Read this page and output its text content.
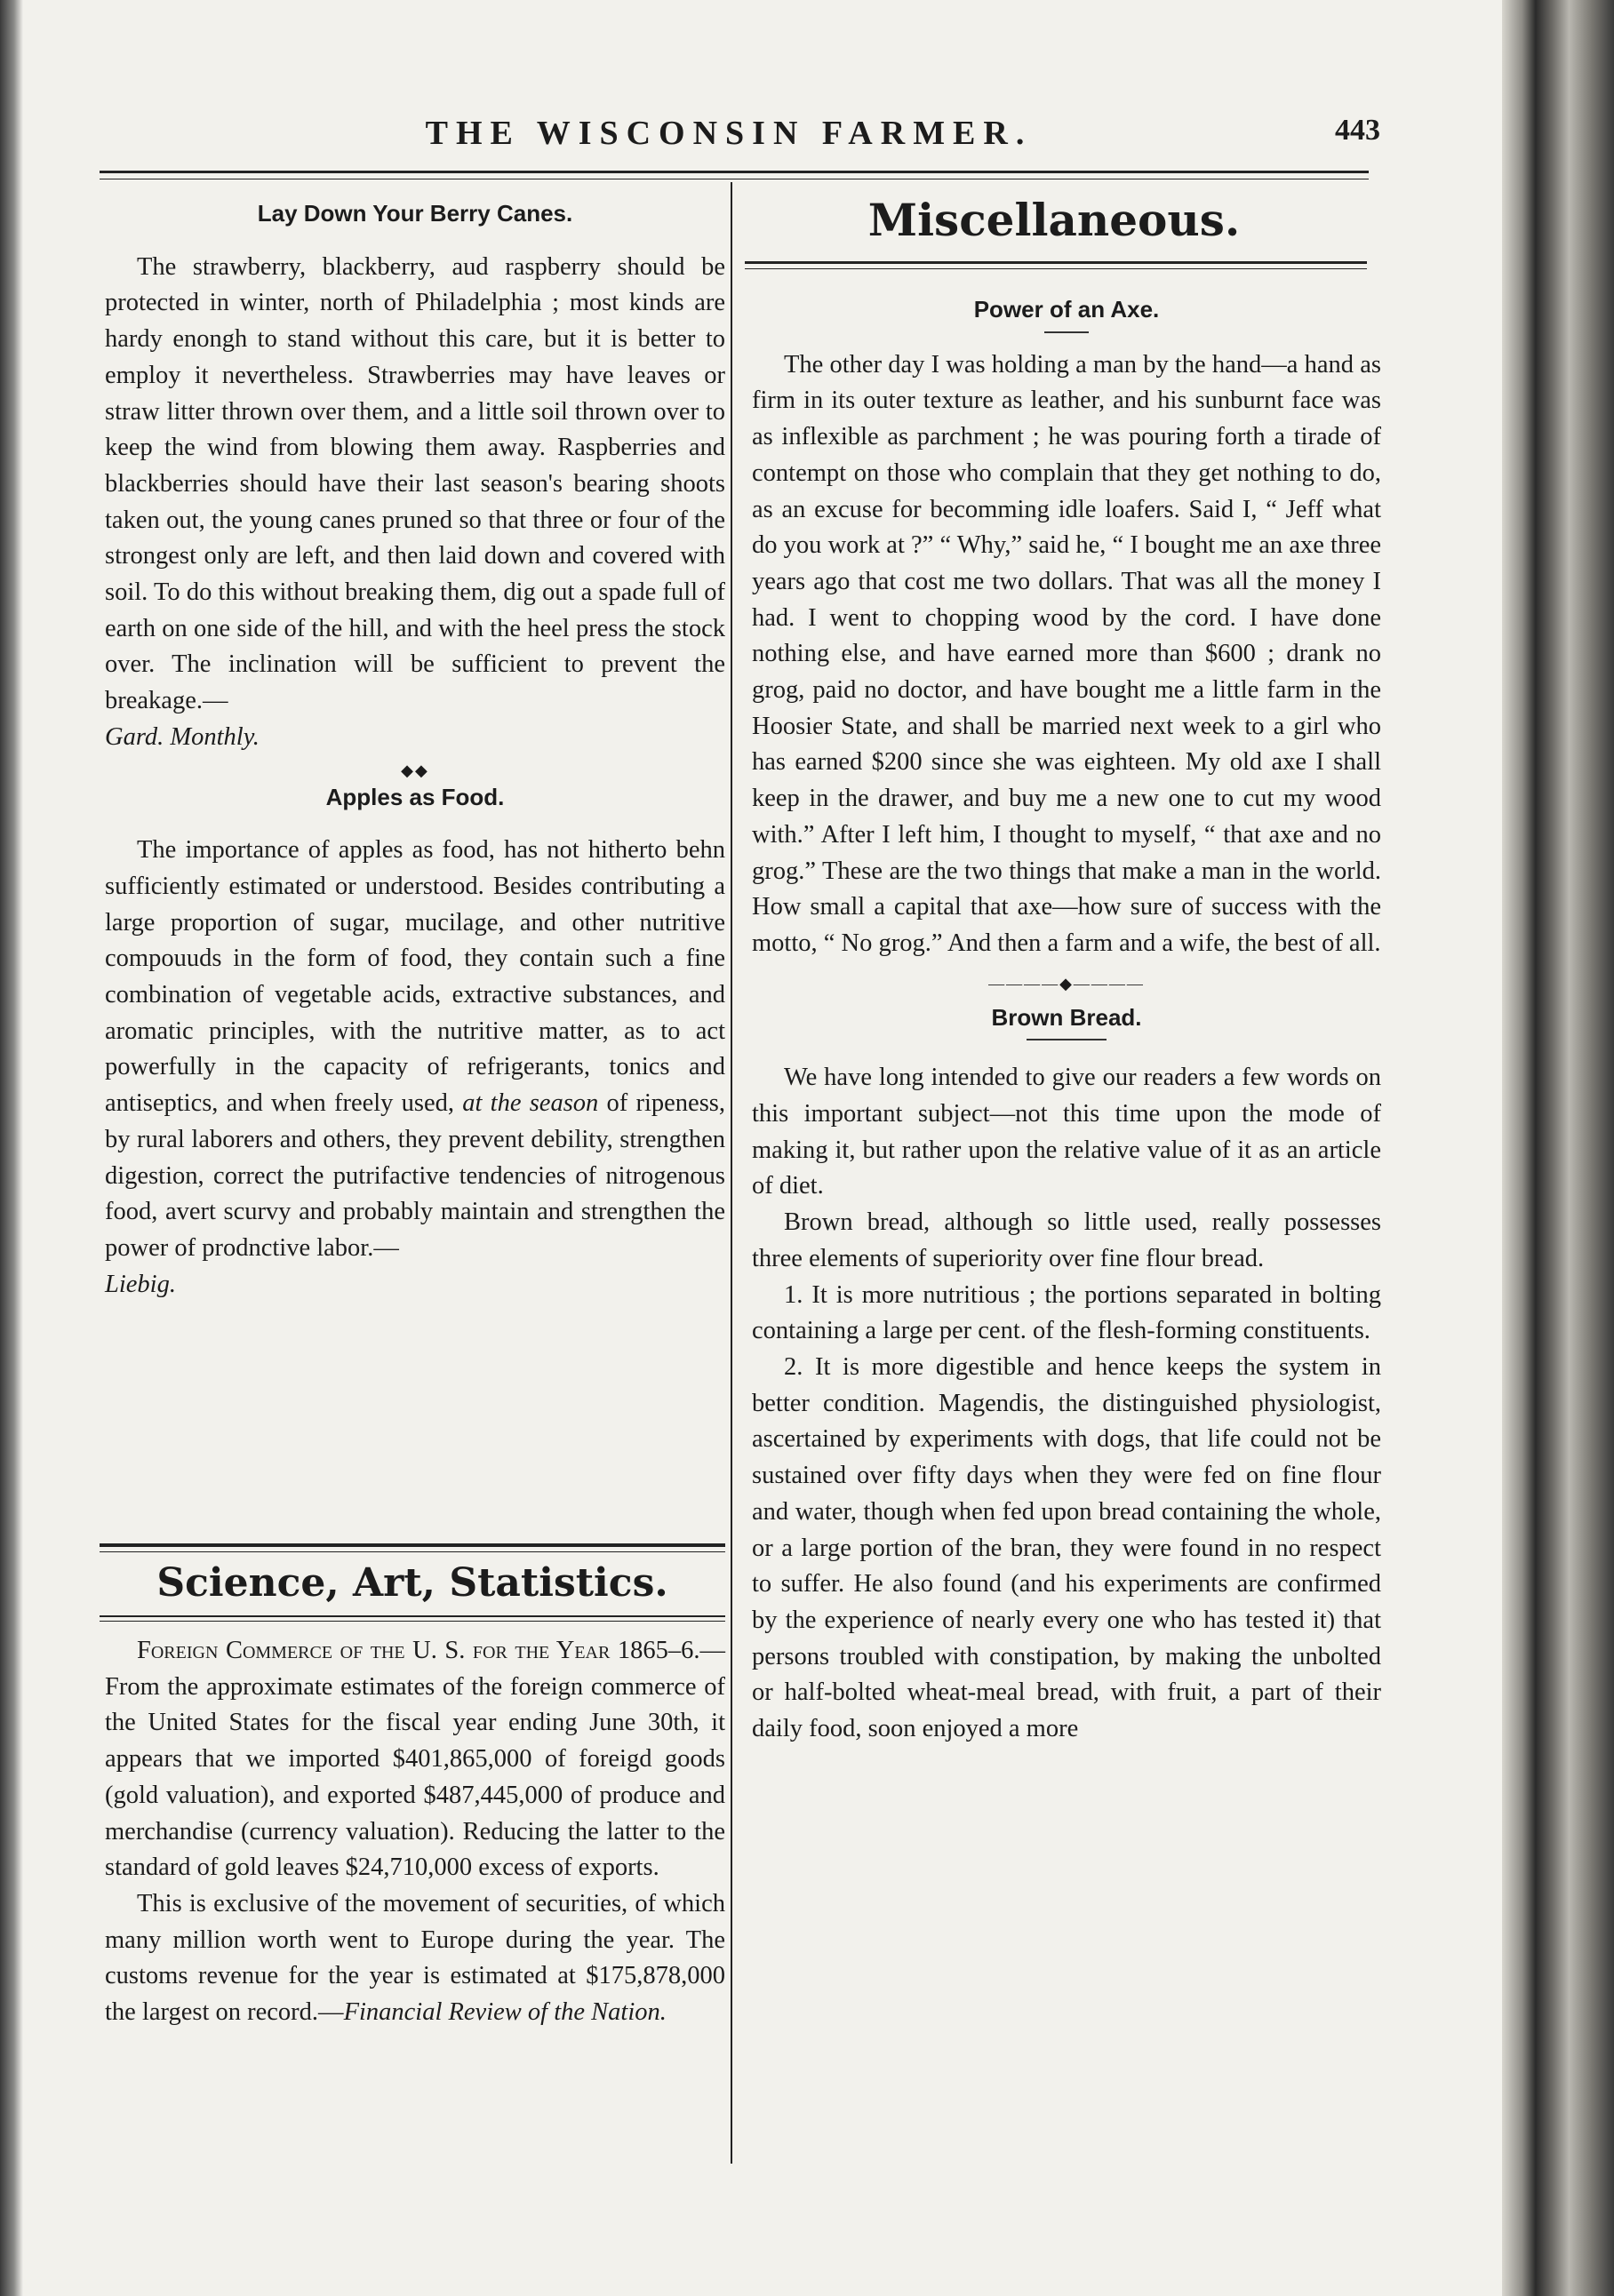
THE WISCONSIN FARMER.	443
Lay Down Your Berry Canes.

The strawberry, blackberry, aud raspberry should be protected in winter, north of Philadelphia ; most kinds are hardy enongh to stand without this care, but it is better to employ it nevertheless. Strawberries may have leaves or straw litter thrown over them, and a little soil thrown over to keep the wind from blowing them away. Raspberries and blackberries should have their last season's bearing shoots taken out, the young canes pruned so that three or four of the strongest only are left, and then laid down and covered with soil. To do this without breaking them, dig out a spade full of earth on one side of the hill, and with the heel press the stock over. The inclination will be sufficient to prevent the breakage.—
Gard. Monthly.

◆◆
Apples as Food.

The importance of apples as food, has not hitherto behn sufficiently estimated or understood. Besides contributing a large proportion of sugar, mucilage, and other nutritive compouuds in the form of food, they contain such a fine combination of vegetable acids, extractive substances, and aromatic principles, with the nutritive matter, as to act powerfully in the capacity of refrigerants, tonics and antiseptics, and when freely used, at the season of ripeness, by rural laborers and others, they prevent debility, strengthen digestion, correct the putrifactive tendencies of nitrogenous food, avert scurvy and probably maintain and strengthen the power of prodnctive labor.—
Liebig.

Science, Art, Statistics.

Foreign Commerce of the U. S. for the Year 1865–6.—From the approximate estimates of the foreign commerce of the United States for the fiscal year ending June 30th, it appears that we imported $401,865,000 of foreigd goods (gold valuation), and exported $487,445,000 of produce and merchandise (currency valuation). Reducing the latter to the standard of gold leaves $24,710,000 excess of exports.

This is exclusive of the movement of securities, of which many million worth went to Europe during the year. The customs revenue for the year is estimated at $175,878,000 the largest on record.—Financial Review of the Nation.

Miscellaneous.
Power of an Axe.

The other day I was holding a man by the hand—a hand as firm in its outer texture as leather, and his sunburnt face was as inflexible as parchment ; he was pouring forth a tirade of contempt on those who complain that they get nothing to do, as an excuse for becomming idle loafers. Said I, “ Jeff what do you work at ?” “ Why,” said he, “ I bought me an axe three years ago that cost me two dollars. That was all the money I had. I went to chopping wood by the cord. I have done nothing else, and have earned more than $600 ; drank no grog, paid no doctor, and have bought me a little farm in the Hoosier State, and shall be married next week to a girl who has earned $200 since she was eighteen. My old axe I shall keep in the drawer, and buy me a new one to cut my wood with.” After I left him, I thought to myself, “ that axe and no grog.” These are the two things that make a man in the world. How small a capital that axe—how sure of success with the motto, “ No grog.” And then a farm and a wife, the best of all.

————◆————
Brown Bread.

We have long intended to give our readers a few words on this important subject—not this time upon the mode of making it, but rather upon the relative value of it as an article of diet.

Brown bread, although so little used, really possesses three elements of superiority over fine flour bread.

1. It is more nutritious ; the portions separated in bolting containing a large per cent. of the flesh-forming constituents.

2. It is more digestible and hence keeps the system in better condition. Magendis, the distinguished physiologist, ascertained by experiments with dogs, that life could not be sustained over fifty days when they were fed on fine flour and water, though when fed upon bread containing the whole, or a large portion of the bran, they were found in no respect to suffer. He also found (and his experiments are confirmed by the experience of nearly every one who has tested it) that persons troubled with constipation, by making the unbolted or half-bolted wheat-meal bread, with fruit, a part of their daily food, soon enjoyed a more
